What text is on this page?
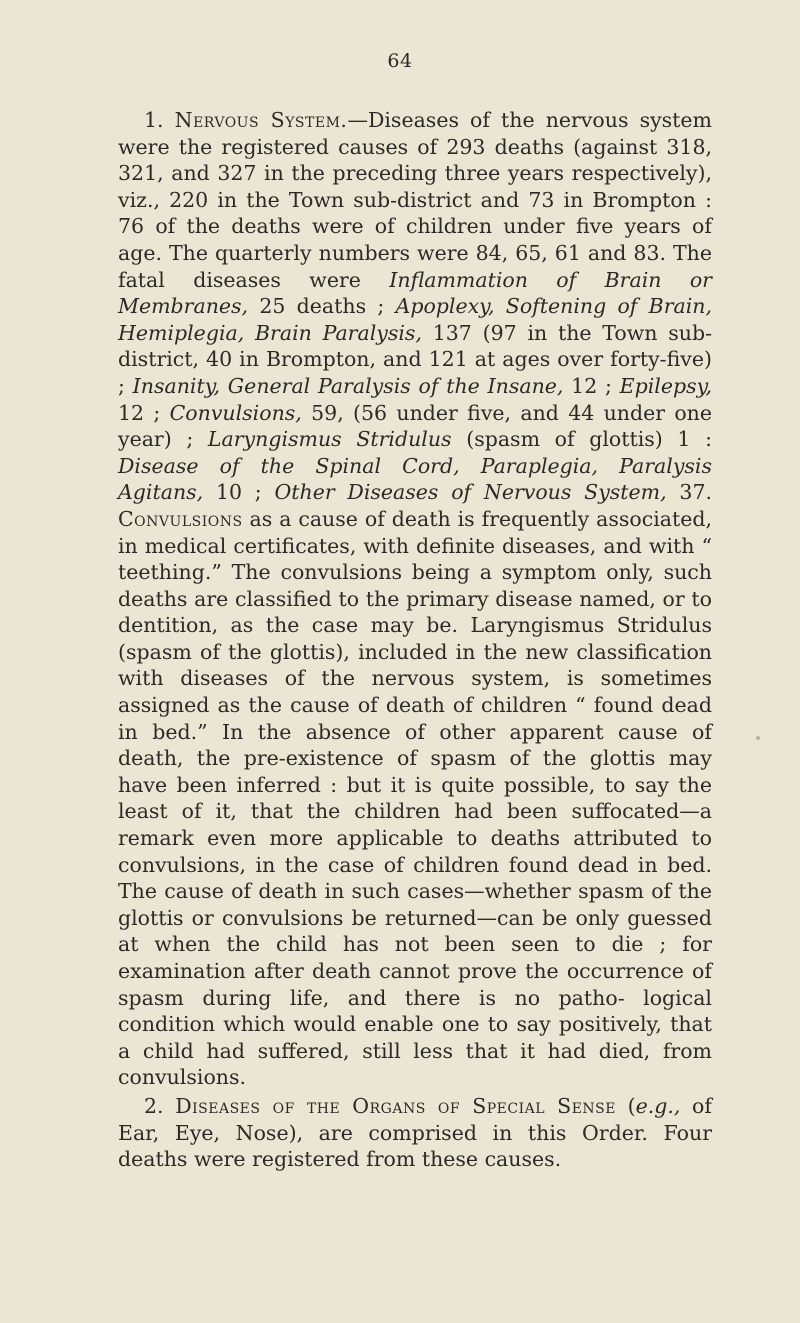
64

1. Nervous System.—Diseases of the nervous system were the registered causes of 293 deaths (against 318, 321, and 327 in the preceding three years respectively), viz., 220 in the Town sub-district and 73 in Brompton : 76 of the deaths were of children under five years of age. The quarterly numbers were 84, 65, 61 and 83. The fatal diseases were Inflammation of Brain or Membranes, 25 deaths ; Apoplexy, Softening of Brain, Hemiplegia, Brain Paralysis, 137 (97 in the Town sub-district, 40 in Brompton, and 121 at ages over forty-five) ; Insanity, General Paralysis of the Insane, 12 ; Epilepsy, 12 ; Convulsions, 59, (56 under five, and 44 under one year) ; Laryngismus Stridulus (spasm of glottis) 1 : Disease of the Spinal Cord, Paraplegia, Paralysis Agitans, 10 ; Other Diseases of Nervous System, 37. Convulsions as a cause of death is frequently associated, in medical certificates, with definite diseases, and with “ teething.” The convulsions being a symptom only, such deaths are classified to the primary disease named, or to dentition, as the case may be. Laryngismus Stridulus (spasm of the glottis), included in the new classification with diseases of the nervous system, is sometimes assigned as the cause of death of children “ found dead in bed.” In the absence of other apparent cause of death, the pre-existence of spasm of the glottis may have been inferred : but it is quite possible, to say the least of it, that the children had been suffocated—a remark even more applicable to deaths attributed to convulsions, in the case of children found dead in bed. The cause of death in such cases—whether spasm of the glottis or convulsions be returned—can be only guessed at when the child has not been seen to die ; for examination after death cannot prove the occurrence of spasm during life, and there is no patho- logical condition which would enable one to say positively, that a child had suffered, still less that it had died, from convulsions.

2. Diseases of the Organs of Special Sense (e.g., of Ear, Eye, Nose), are comprised in this Order. Four deaths were registered from these causes.
